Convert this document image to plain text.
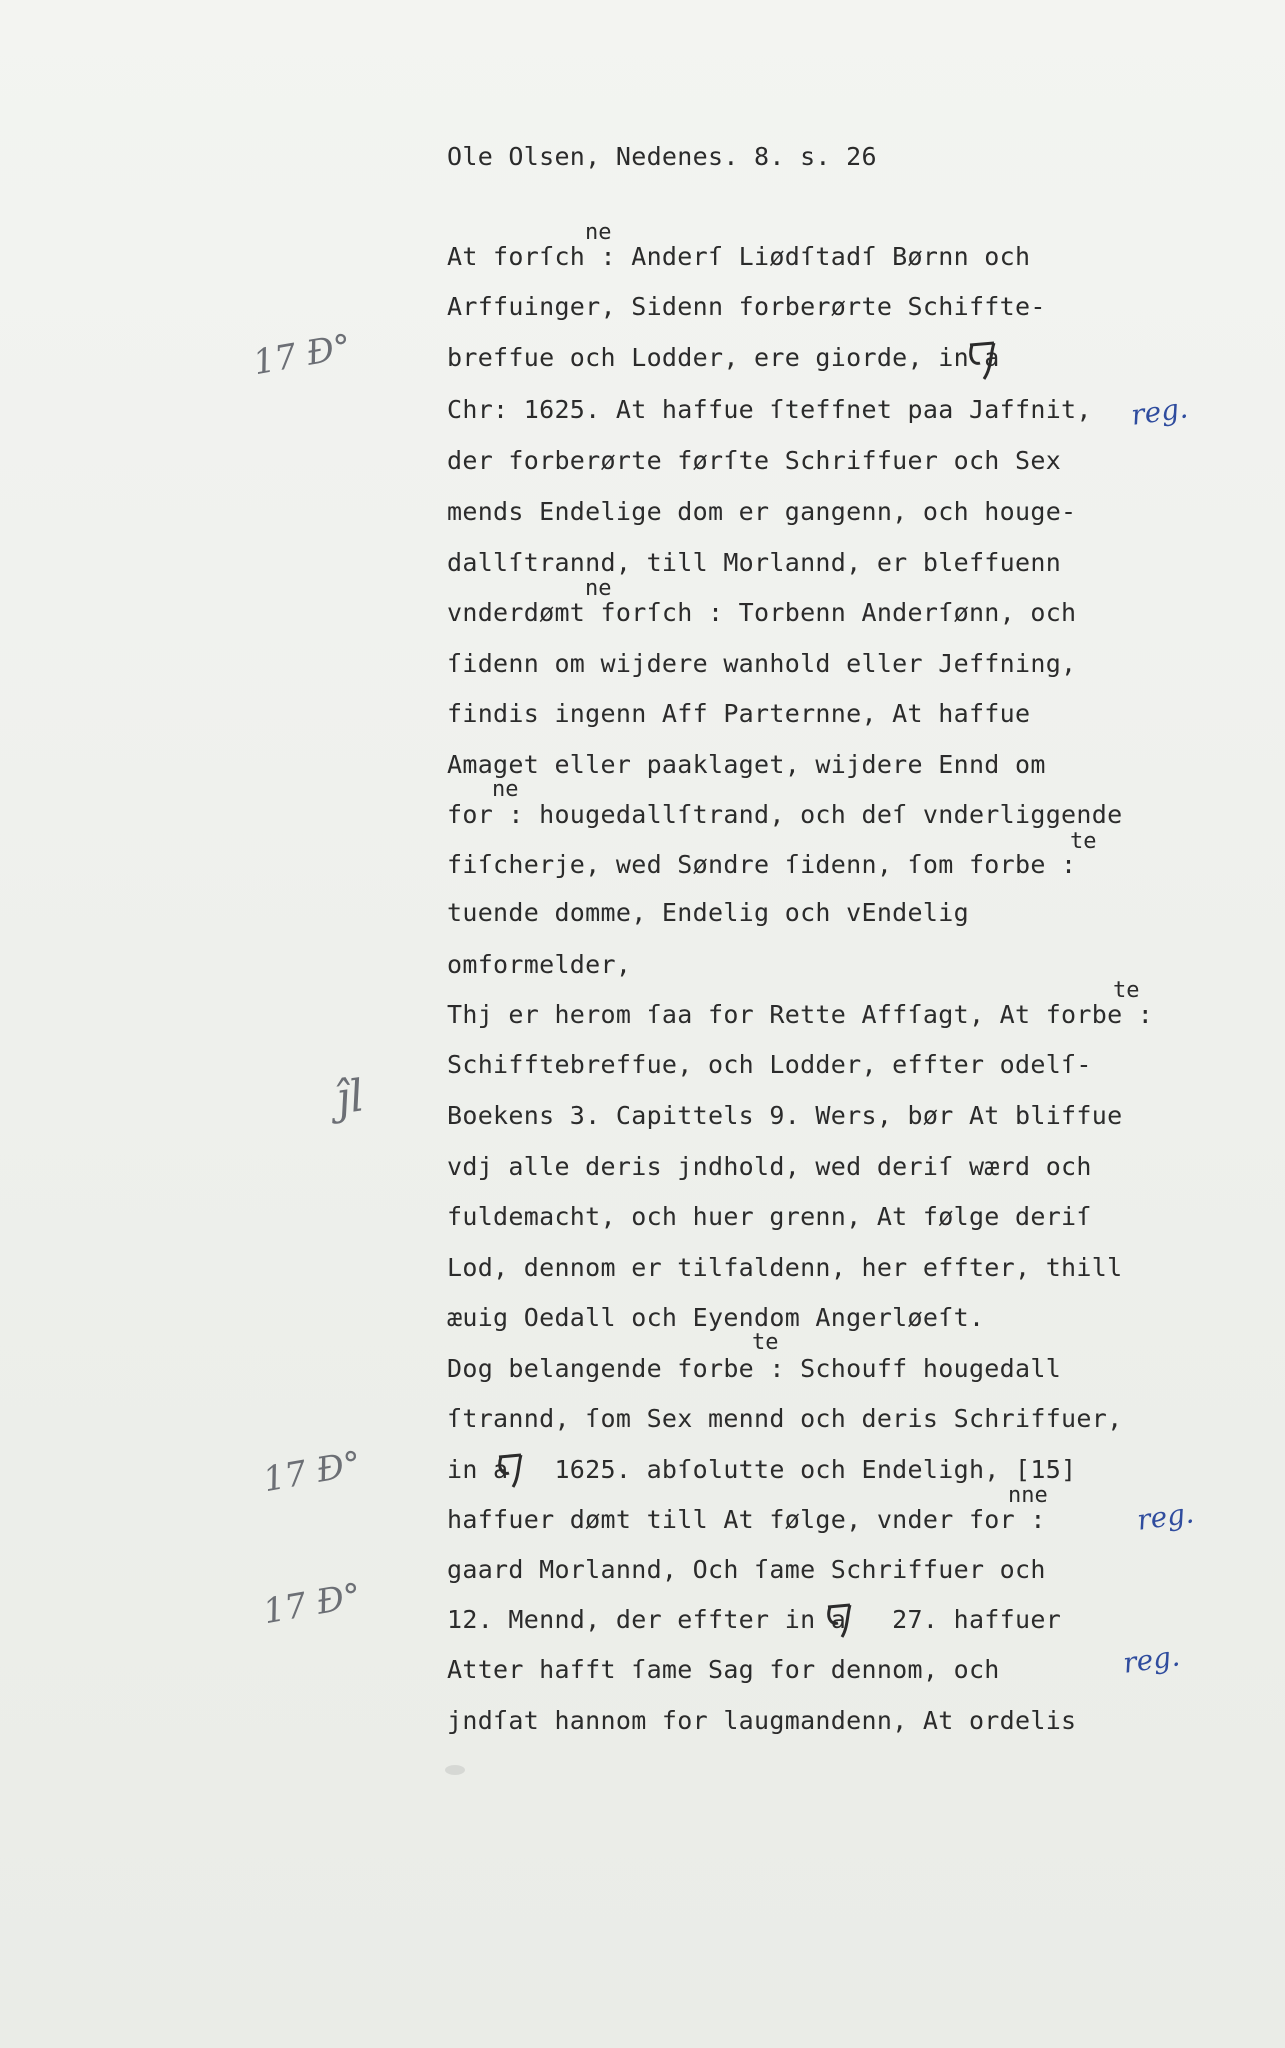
Ole Olsen, Nedenes. 8. s. 26
ne
ne
ne
te
te
te
nne
At forſch : Anderſ Liødſtadſ Børnn och
Arffuinger, Sidenn forberørte Schiffte-
breffue och Lodder, ere giorde, in a
Chr: 1625. At haffue ſteffnet paa Jaffnit,
der forberørte førſte Schriffuer och Sex
mends Endelige dom er gangenn, och houge-
dallſtrannd, till Morlannd, er bleffuenn
vnderdømt forſch : Torbenn Anderſønn, och
ſidenn om wijdere wanhold eller Jeffning,
findis ingenn Aff Parternne, At haffue
Amaget eller paaklaget, wijdere Ennd om
for : hougedallſtrand, och deſ vnderliggende
fiſcherje, wed Søndre ſidenn, ſom forbe :
tuende domme, Endelig och vEndelig
omformelder,
Thj er herom ſaa for Rette Affſagt, At forbe :
Schifftebreffue, och Lodder, effter odelſ-
Boekens 3. Capittels 9. Wers, bør At bliffue
vdj alle deris jndhold, wed deriſ wærd och
fuldemacht, och huer grenn, At følge deriſ
Lod, dennom er tilfaldenn, her effter, thill
æuig Oedall och Eyendom Angerløeſt.
Dog belangende forbe : Schouff hougedall
ſtrannd, ſom Sex mennd och deris Schriffuer,
in a   1625. abſolutte och Endeligh, [15]
haffuer dømt till At følge, vnder for :
gaard Morlannd, Och ſame Schriffuer och
12. Mennd, der effter in a   27. haffuer
Atter hafft ſame Sag for dennom, och
jndſat hannom for laugmandenn, At ordelis
17 Đ°
ĵl
17 Đ°
17 Đ°
reg.
reg.
reg.
